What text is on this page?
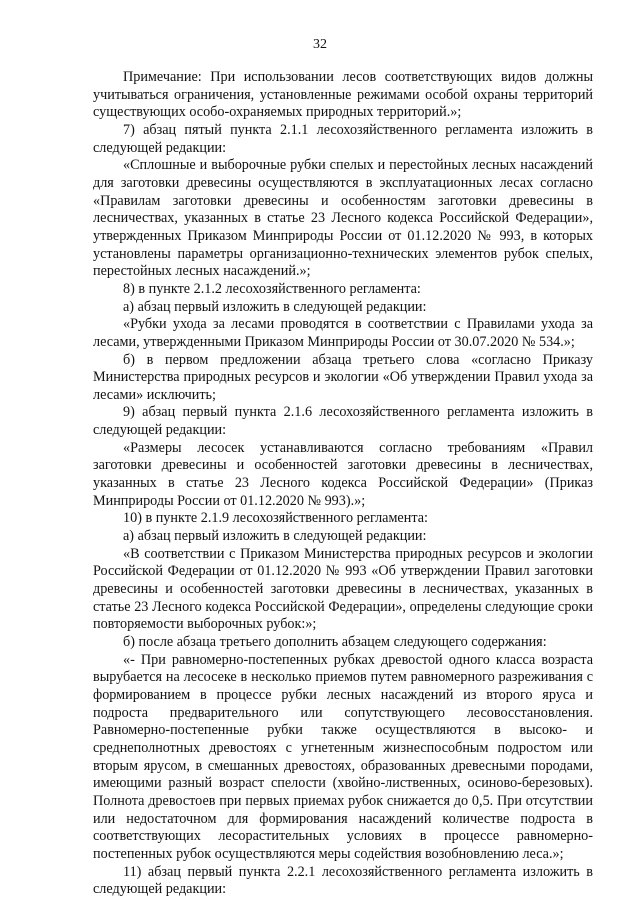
32

Примечание: При использовании лесов соответствующих видов должны учитываться ограничения, установленные режимами особой охраны территорий существующих особо-охраняемых природных территорий.»;

7) абзац пятый пункта 2.1.1 лесохозяйственного регламента изложить в следующей редакции:

«Сплошные и выборочные рубки спелых и перестойных лесных насаждений для заготовки древесины осуществляются в эксплуатационных лесах согласно «Правилам заготовки древесины и особенностям заготовки древесины в лесничествах, указанных в статье 23 Лесного кодекса Российской Федерации», утвержденных Приказом Минприроды России от 01.12.2020 № 993, в которых установлены параметры организационно-технических элементов рубок спелых, перестойных лесных насаждений.»;

8) в пункте 2.1.2 лесохозяйственного регламента:

а) абзац первый изложить в следующей редакции:

«Рубки ухода за лесами проводятся в соответствии с Правилами ухода за лесами, утвержденными Приказом Минприроды России от 30.07.2020 № 534.»;

б) в первом предложении абзаца третьего слова «согласно Приказу Министерства природных ресурсов и экологии «Об утверждении Правил ухода за лесами» исключить;

9) абзац первый пункта 2.1.6 лесохозяйственного регламента изложить в следующей редакции:

«Размеры лесосек устанавливаются согласно требованиям «Правил заготовки древесины и особенностей заготовки древесины в лесничествах, указанных в статье 23 Лесного кодекса Российской Федерации» (Приказ Минприроды России от 01.12.2020 № 993).»;

10) в пункте 2.1.9 лесохозяйственного регламента:

а) абзац первый изложить в следующей редакции:

«В соответствии с Приказом Министерства природных ресурсов и экологии Российской Федерации от 01.12.2020 № 993 «Об утверждении Правил заготовки древесины и особенностей заготовки древесины в лесничествах, указанных в статье 23 Лесного кодекса Российской Федерации», определены следующие сроки повторяемости выборочных рубок:»;

б) после абзаца третьего дополнить абзацем следующего содержания:

«- При равномерно-постепенных рубках древостой одного класса возраста вырубается на лесосеке в несколько приемов путем равномерного разреживания с формированием в процессе рубки лесных насаждений из второго яруса и подроста предварительного или сопутствующего лесовосстановления. Равномерно-постепенные рубки также осуществляются в высоко- и среднеполнотных древостоях с угнетенным жизнеспособным подростом или вторым ярусом, в смешанных древостоях, образованных древесными породами, имеющими разный возраст спелости (хвойно-лиственных, осиново-березовых). Полнота древостоев при первых приемах рубок снижается до 0,5. При отсутствии или недостаточном для формирования насаждений количестве подроста в соответствующих лесорастительных условиях в процессе равномерно-постепенных рубок осуществляются меры содействия возобновлению леса.»;

11) абзац первый пункта 2.2.1 лесохозяйственного регламента изложить в следующей редакции:
